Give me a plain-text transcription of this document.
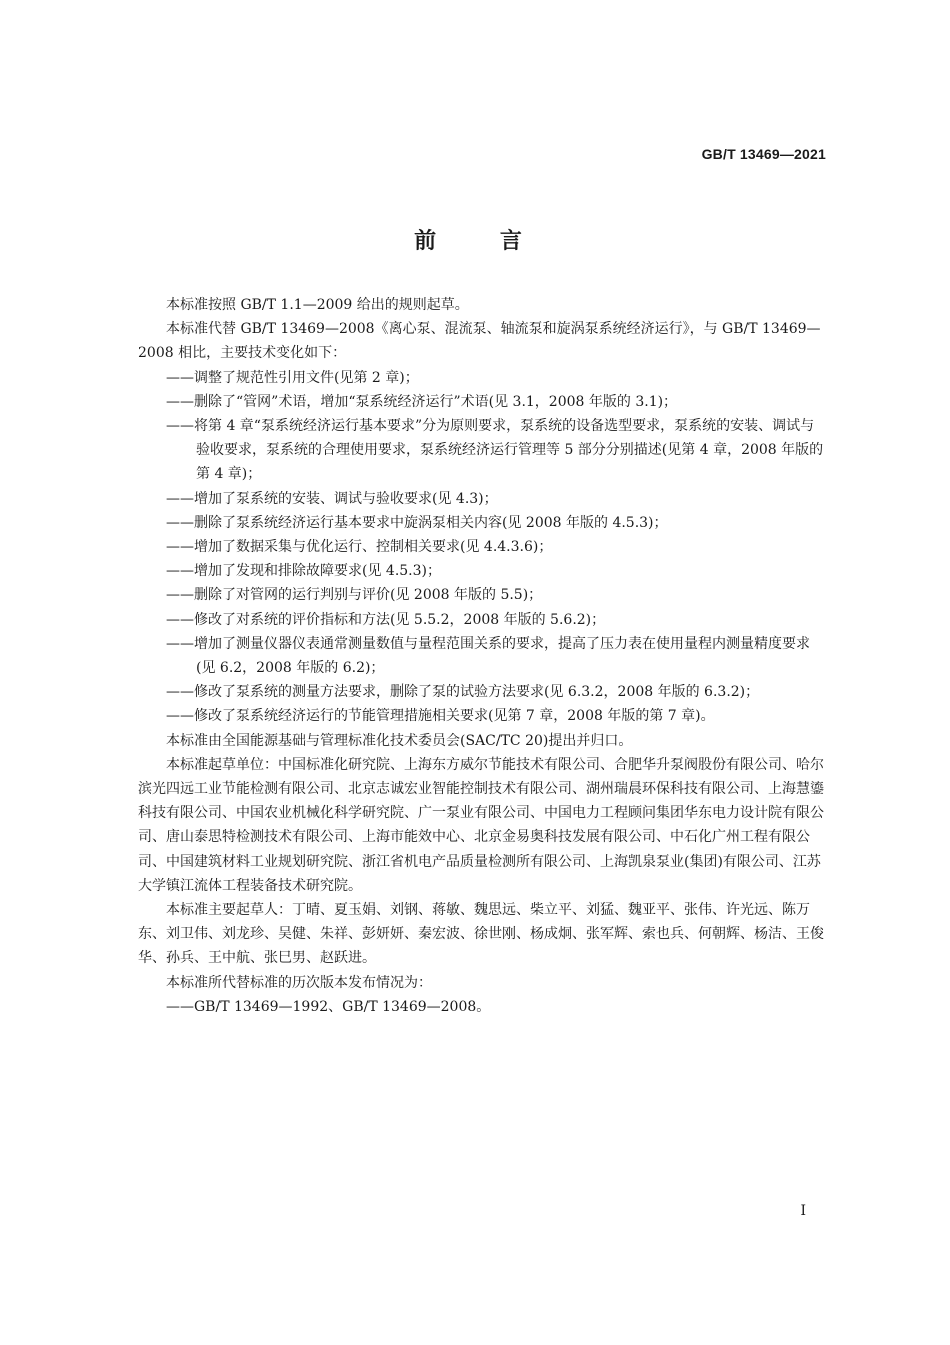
GB/T 13469—2021
前 言

本标准按照 GB/T 1.1—2009 给出的规则起草。

本标准代替 GB/T 13469—2008《离心泵、混流泵、轴流泵和旋涡泵系统经济运行》，与 GB/T 13469—2008 相比，主要技术变化如下：

——调整了规范性引用文件(见第 2 章)；

——删除了“管网”术语，增加“泵系统经济运行”术语(见 3.1，2008 年版的 3.1)；

——将第 4 章“泵系统经济运行基本要求”分为原则要求，泵系统的设备选型要求，泵系统的安装、调试与验收要求，泵系统的合理使用要求，泵系统经济运行管理等 5 部分分别描述(见第 4 章，2008 年版的第 4 章)；

——增加了泵系统的安装、调试与验收要求(见 4.3)；

——删除了泵系统经济运行基本要求中旋涡泵相关内容(见 2008 年版的 4.5.3)；

——增加了数据采集与优化运行、控制相关要求(见 4.4.3.6)；

——增加了发现和排除故障要求(见 4.5.3)；

——删除了对管网的运行判别与评价(见 2008 年版的 5.5)；

——修改了对系统的评价指标和方法(见 5.5.2，2008 年版的 5.6.2)；

——增加了测量仪器仪表通常测量数值与量程范围关系的要求，提高了压力表在使用量程内测量精度要求(见 6.2，2008 年版的 6.2)；

——修改了泵系统的测量方法要求，删除了泵的试验方法要求(见 6.3.2，2008 年版的 6.3.2)；

——修改了泵系统经济运行的节能管理措施相关要求(见第 7 章，2008 年版的第 7 章)。

本标准由全国能源基础与管理标准化技术委员会(SAC/TC 20)提出并归口。

本标准起草单位：中国标准化研究院、上海东方威尔节能技术有限公司、合肥华升泵阀股份有限公司、哈尔滨光四远工业节能检测有限公司、北京志诚宏业智能控制技术有限公司、湖州瑞晨环保科技有限公司、上海慧鎏科技有限公司、中国农业机械化科学研究院、广一泵业有限公司、中国电力工程顾问集团华东电力设计院有限公司、唐山泰思特检测技术有限公司、上海市能效中心、北京金易奥科技发展有限公司、中石化广州工程有限公司、中国建筑材料工业规划研究院、浙江省机电产品质量检测所有限公司、上海凯泉泵业(集团)有限公司、江苏大学镇江流体工程装备技术研究院。

本标准主要起草人：丁晴、夏玉娟、刘钢、蒋敏、魏思远、柴立平、刘猛、魏亚平、张伟、许光远、陈万东、刘卫伟、刘龙珍、吴健、朱祥、彭妍妍、秦宏波、徐世刚、杨成炯、张军辉、索也兵、何朝辉、杨洁、王俊华、孙兵、王中航、张巳男、赵跃进。

本标准所代替标准的历次版本发布情况为：

——GB/T 13469—1992、GB/T 13469—2008。

I
